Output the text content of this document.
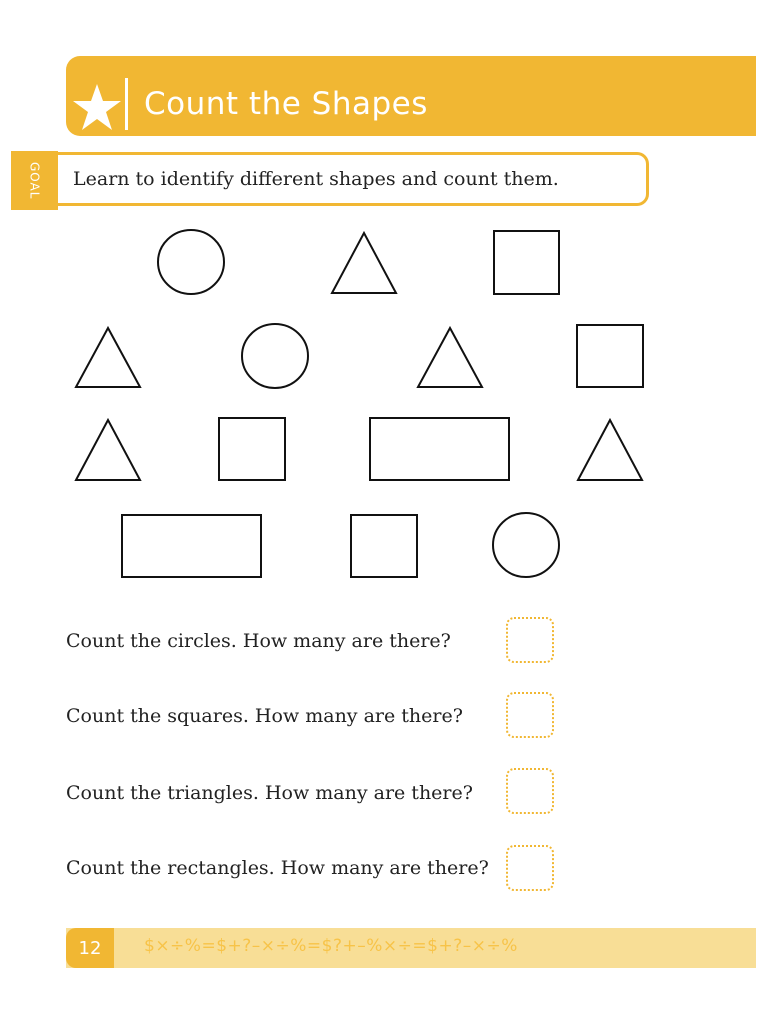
Count the Shapes
GOAL Learn to identify different shapes and count them.
Count the circles. How many are there?
Count the squares. How many are there?
Count the triangles. How many are there?
Count the rectangles. How many are there?
12	$×÷%=$+?–×÷%=$?+–%×÷=$+?–×÷%
